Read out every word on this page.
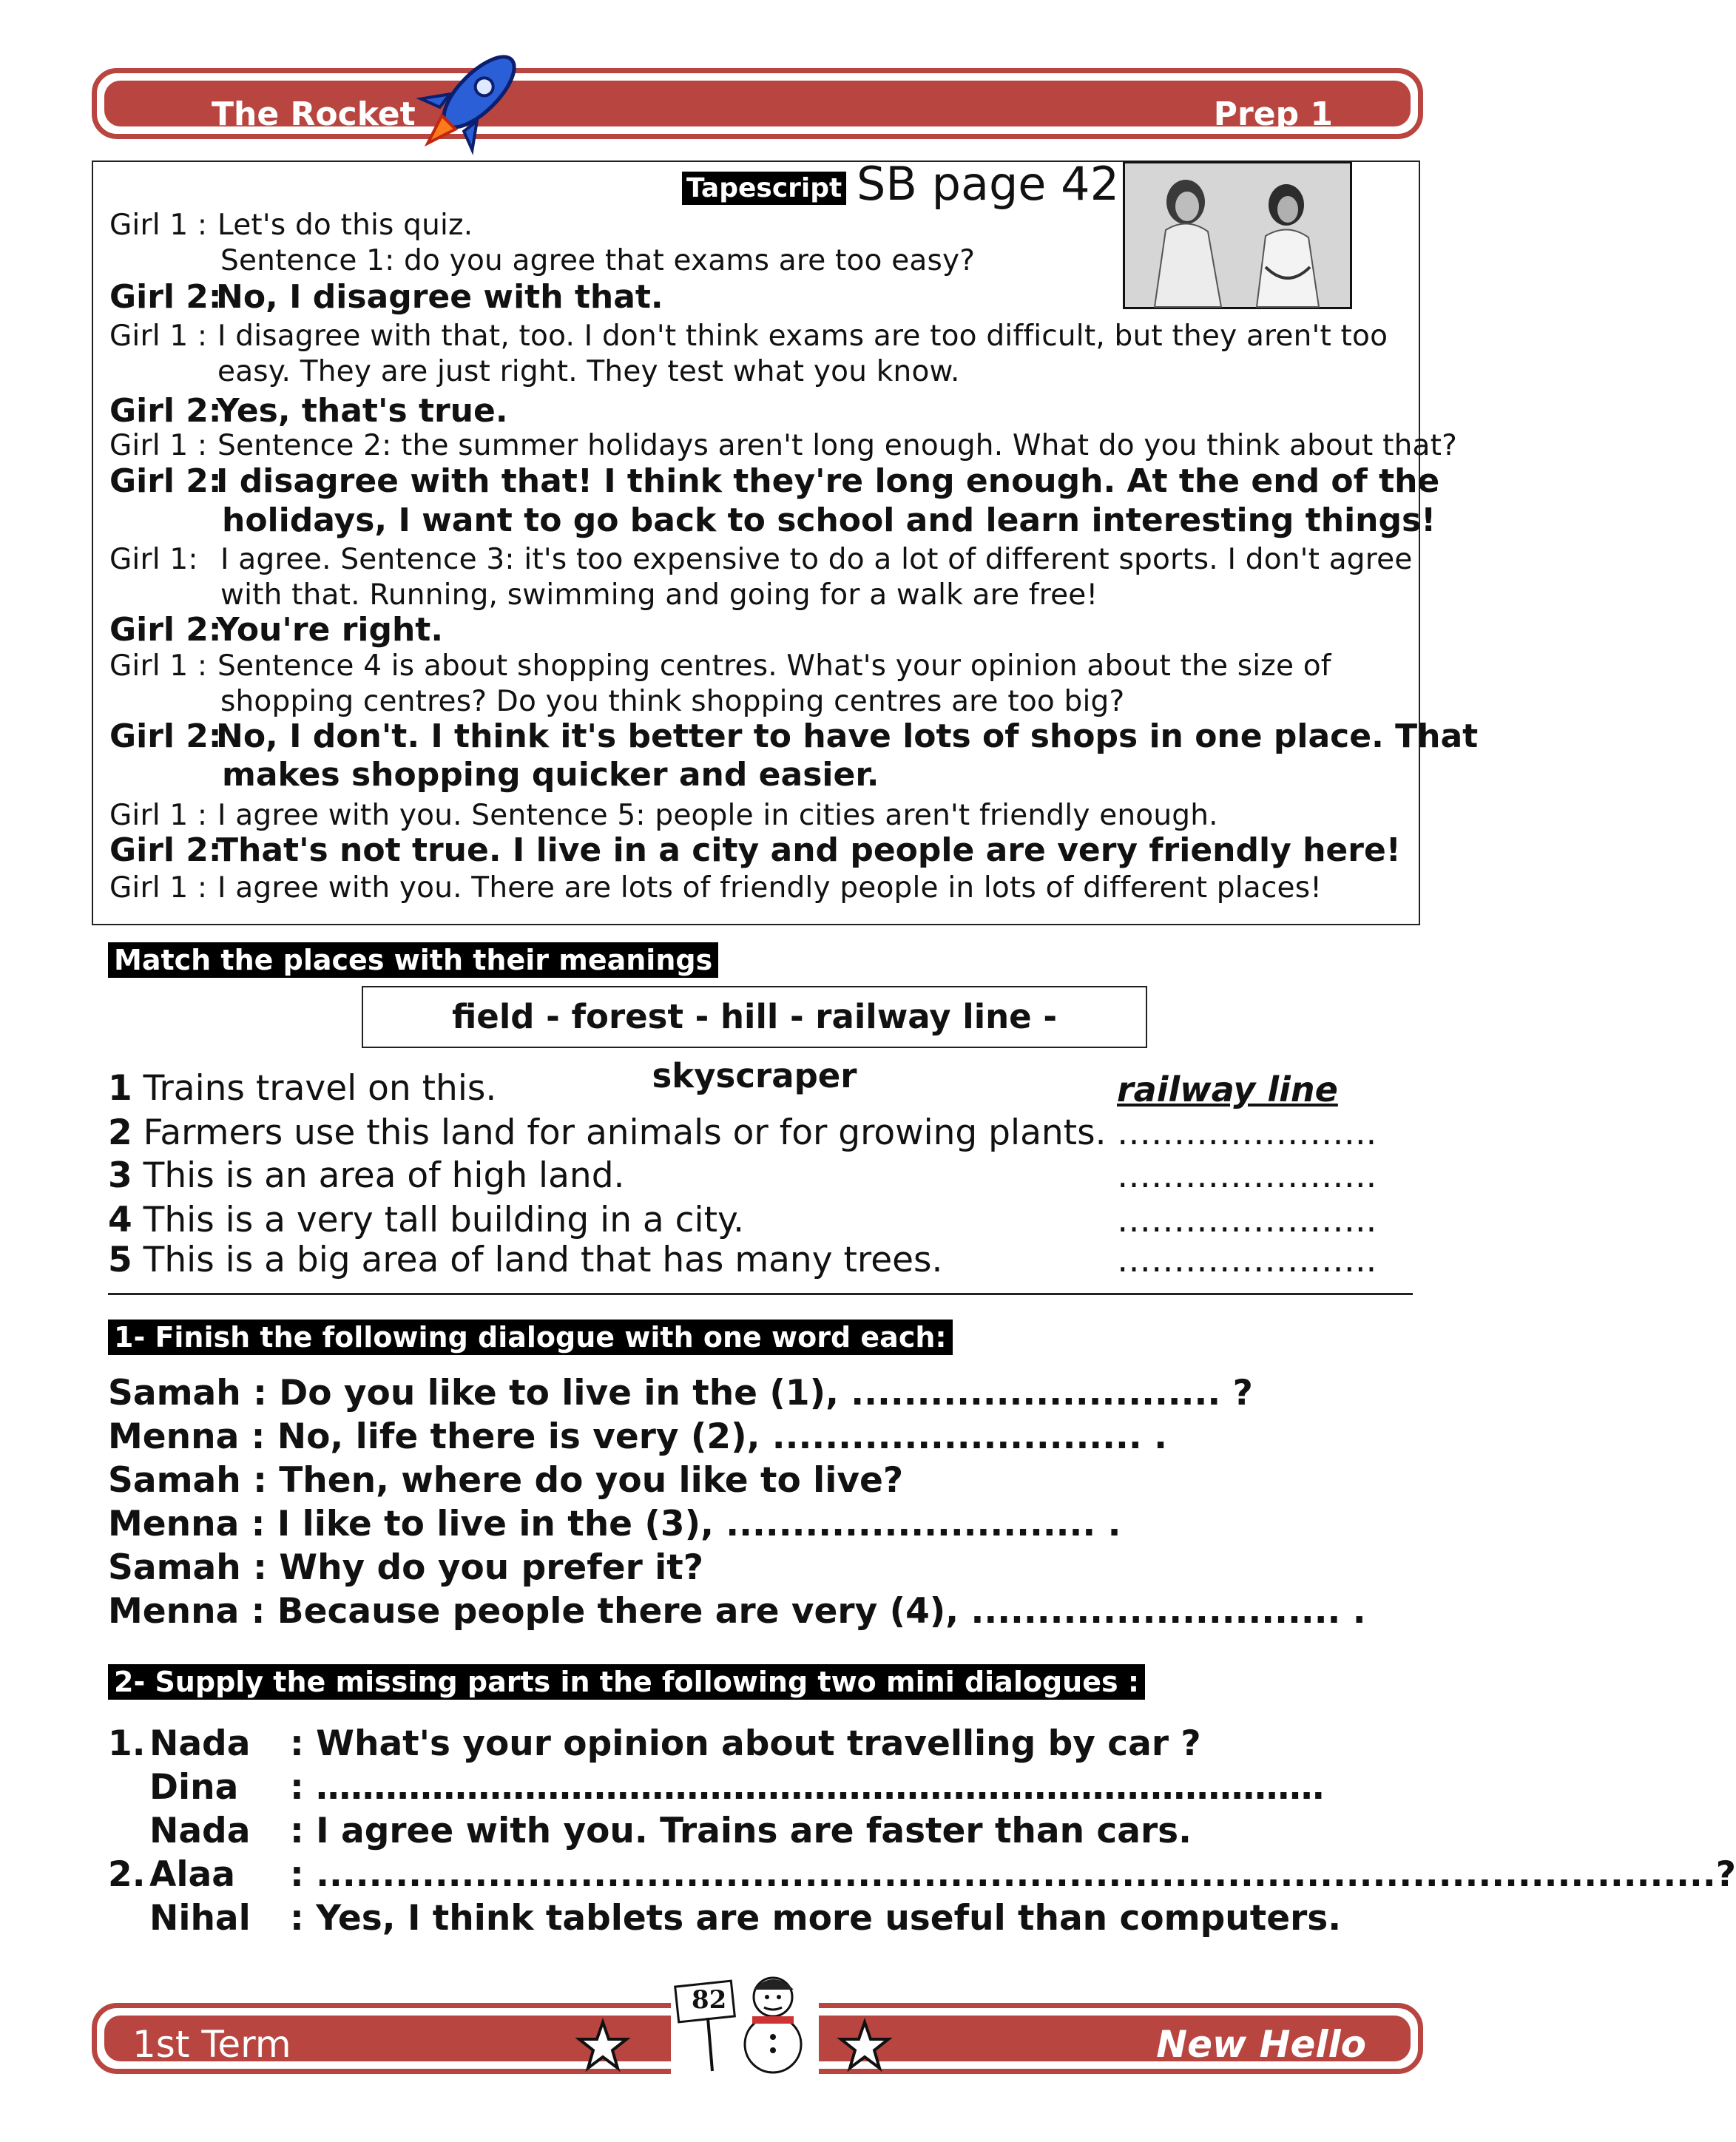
The Rocket	Prep 1
Tapescript SB page 42
Girl 1 : Let's do this quiz.
Sentence 1: do you agree that exams are too easy?
Girl 2:
No, I disagree with that.
Girl 1 : I disagree with that, too. I don't think exams are too difficult, but they aren't too
easy. They are just right. They test what you know.
Girl 2:
Yes, that's true.
Girl 1 : Sentence 2: the summer holidays aren't long enough. What do you think about that?
Girl 2:
I disagree with that! I think they're long enough. At the end of the
holidays, I want to go back to school and learn interesting things!
Girl 1: I agree. Sentence 3: it's too expensive to do a lot of different sports. I don't agree
with that. Running, swimming and going for a walk are free!
Girl 2:
You're right.
Girl 1 : Sentence 4 is about shopping centres. What's your opinion about the size of
shopping centres? Do you think shopping centres are too big?
Girl 2:
No, I don't. I think it's better to have lots of shops in one place. That
makes shopping quicker and easier.
Girl 1 : I agree with you. Sentence 5: people in cities aren't friendly enough.
Girl 2:
That's not true. I live in a city and people are very friendly here!
Girl 1 : I agree with you. There are lots of friendly people in lots of different places!
Match the places with their meanings
field - forest - hill - railway line - skyscraper
1 Trains travel on this.	railway line
2 Farmers use this land for animals or for growing plants. …………………..
3 This is an area of high land.	…………………..
4 This is a very tall building in a city.	…………………..
5 This is a big area of land that has many trees.	…………………..
1- Finish the following dialogue with one word each:
Samah : Do you like to live in the (1), ............................ ?
Menna : No, life there is very (2), ............................ .
Samah : Then, where do you like to live?
Menna : I like to live in the (3), ............................ .
Samah : Why do you prefer it?
Menna : Because people there are very (4), ............................ .
2- Supply the missing parts in the following two mini dialogues :
1. Nada : What's your opinion about travelling by car ?
Dina : ……………………………………………………………………………
Nada : I agree with you. Trains are faster than cars.
2. Alaa : ..........................................................................................................?
Nihal : Yes, I think tablets are more useful than computers.
1st Term	New Hello
82
